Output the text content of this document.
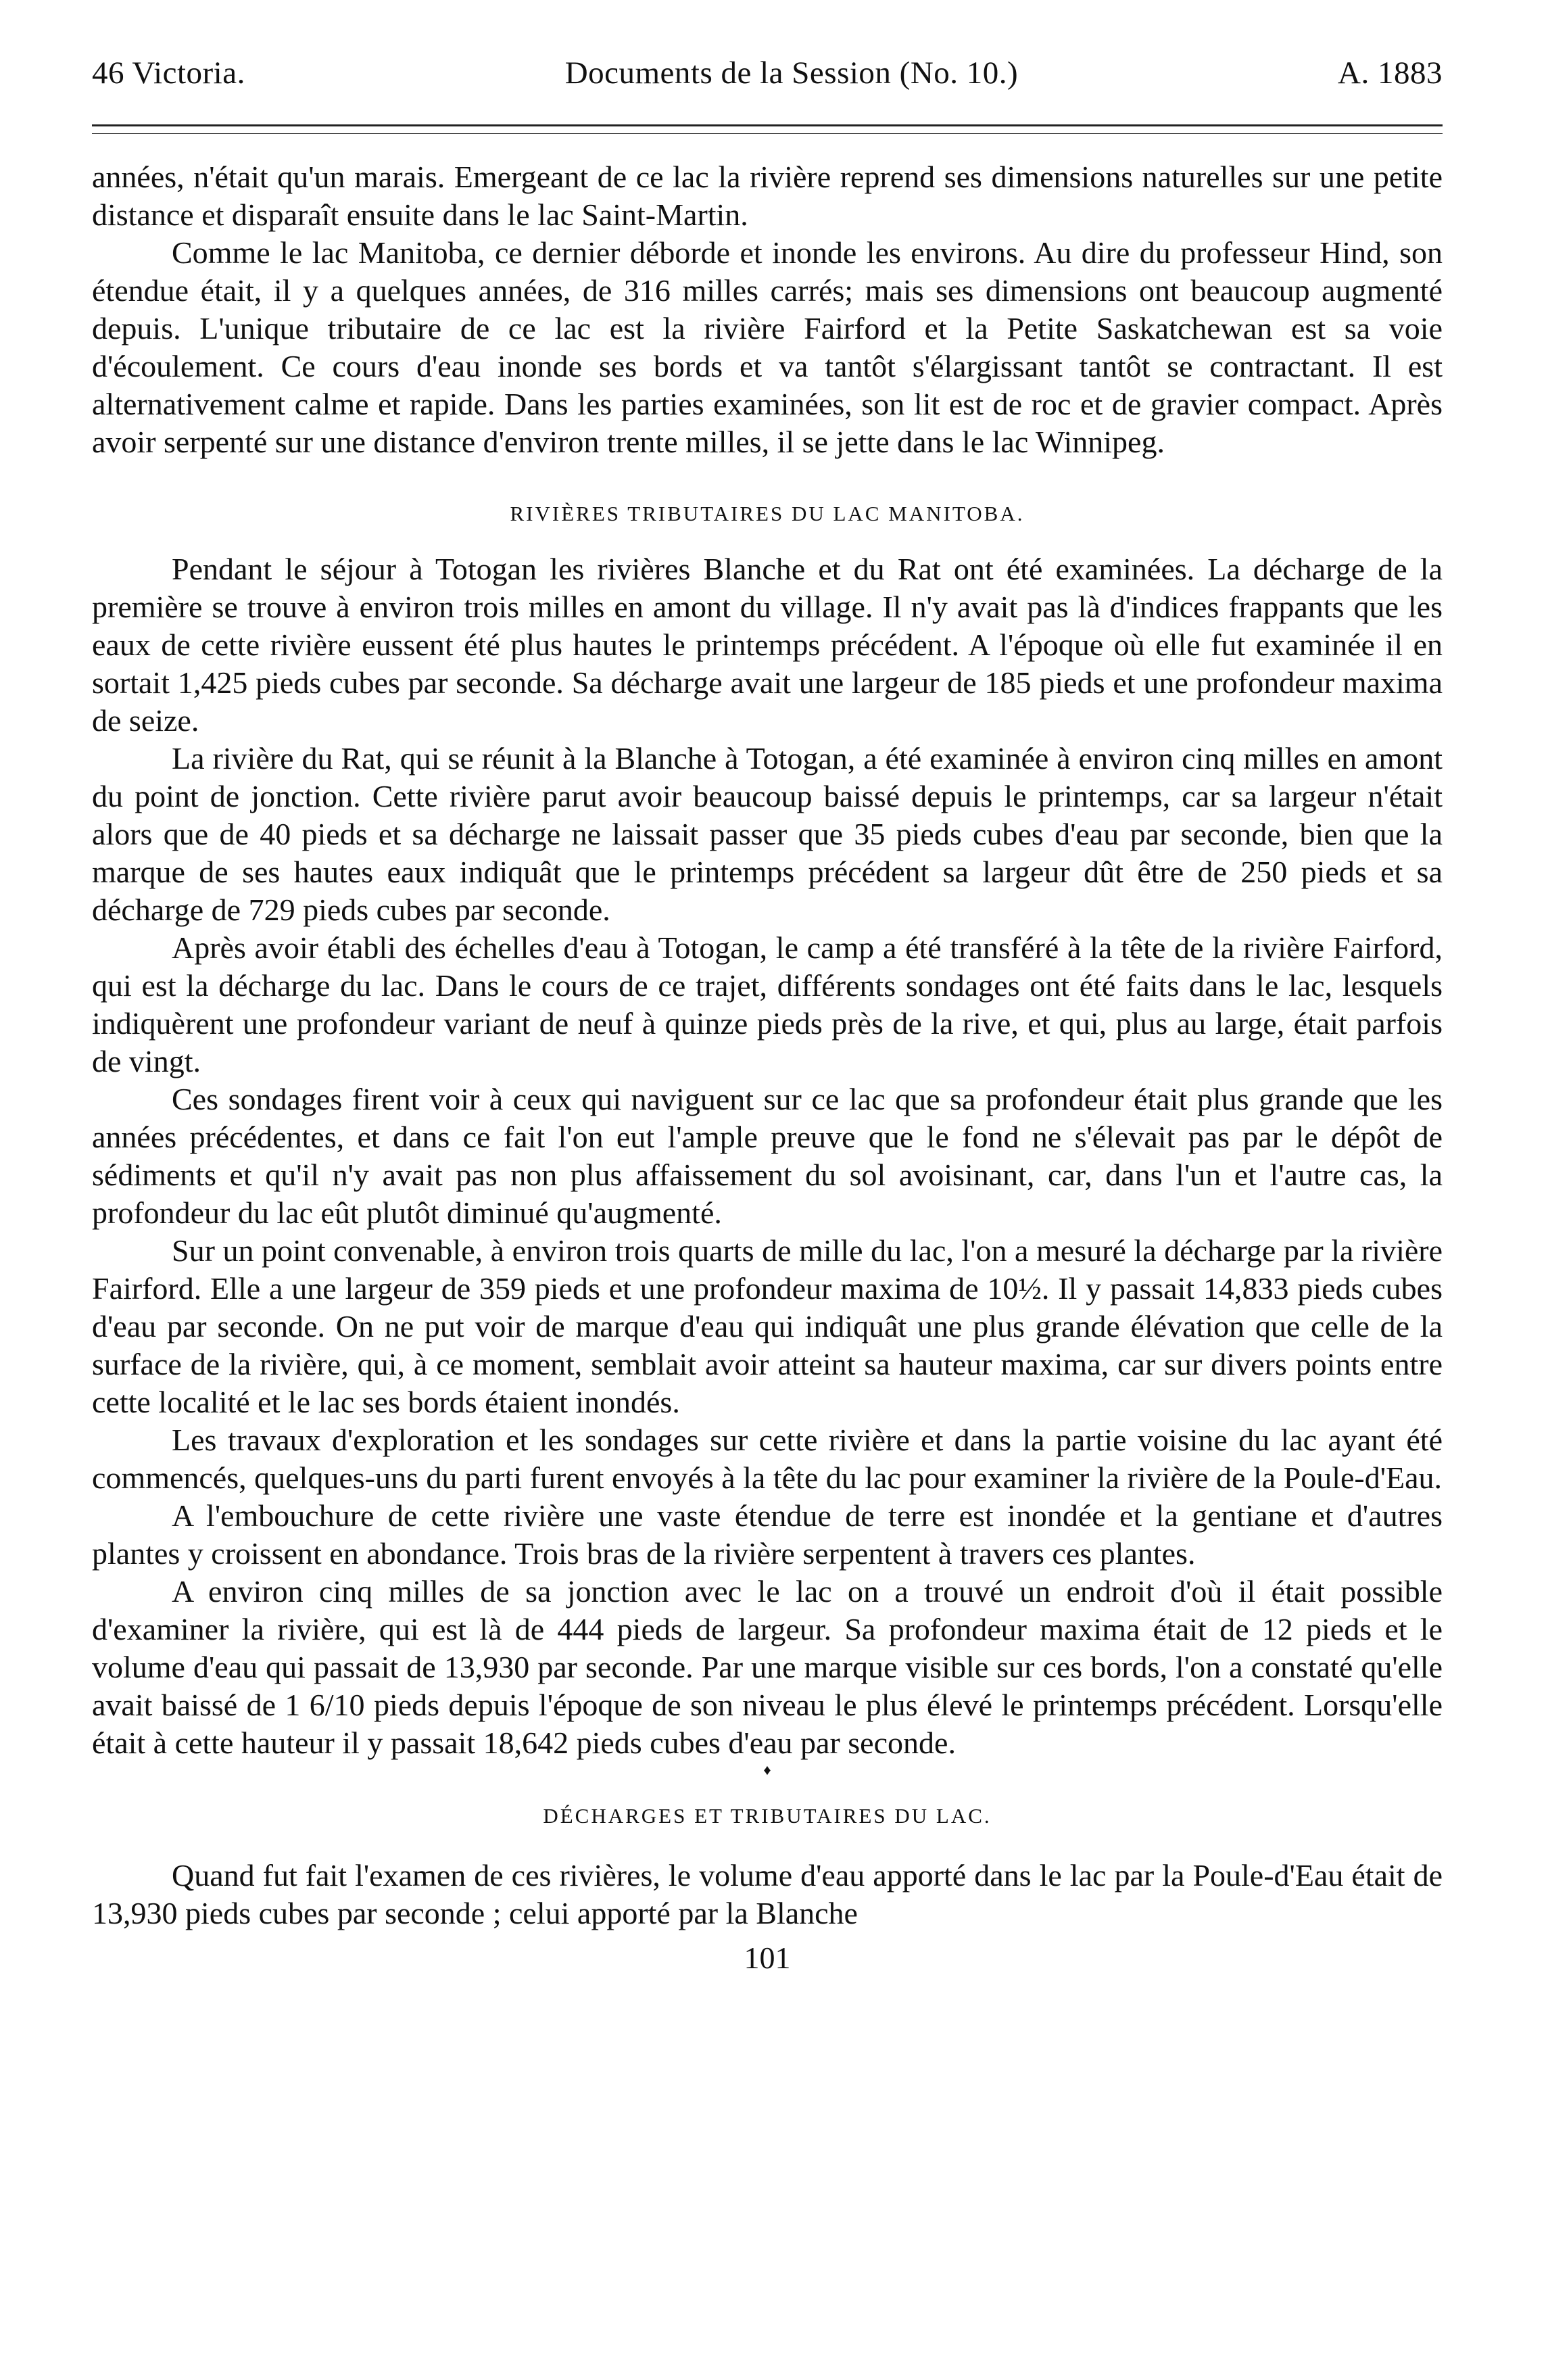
46 Victoria.	Documents de la Session (No. 10.)	A. 1883

années, n'était qu'un marais. Emergeant de ce lac la rivière reprend ses dimensions naturelles sur une petite distance et disparaît ensuite dans le lac Saint-Martin.

Comme le lac Manitoba, ce dernier déborde et inonde les environs. Au dire du professeur Hind, son étendue était, il y a quelques années, de 316 milles carrés; mais ses dimensions ont beaucoup augmenté depuis. L'unique tributaire de ce lac est la rivière Fairford et la Petite Saskatchewan est sa voie d'écoulement. Ce cours d'eau inonde ses bords et va tantôt s'élargissant tantôt se contractant. Il est alternativement calme et rapide. Dans les parties examinées, son lit est de roc et de gravier compact. Après avoir serpenté sur une distance d'environ trente milles, il se jette dans le lac Winnipeg.

RIVIÈRES TRIBUTAIRES DU LAC MANITOBA.

Pendant le séjour à Totogan les rivières Blanche et du Rat ont été examinées. La décharge de la première se trouve à environ trois milles en amont du village. Il n'y avait pas là d'indices frappants que les eaux de cette rivière eussent été plus hautes le printemps précédent. A l'époque où elle fut examinée il en sortait 1,425 pieds cubes par seconde. Sa décharge avait une largeur de 185 pieds et une profondeur maxima de seize.

La rivière du Rat, qui se réunit à la Blanche à Totogan, a été examinée à environ cinq milles en amont du point de jonction. Cette rivière parut avoir beaucoup baissé depuis le printemps, car sa largeur n'était alors que de 40 pieds et sa décharge ne laissait passer que 35 pieds cubes d'eau par seconde, bien que la marque de ses hautes eaux indiquât que le printemps précédent sa largeur dût être de 250 pieds et sa décharge de 729 pieds cubes par seconde.

Après avoir établi des échelles d'eau à Totogan, le camp a été transféré à la tête de la rivière Fairford, qui est la décharge du lac. Dans le cours de ce trajet, différents sondages ont été faits dans le lac, lesquels indiquèrent une profondeur variant de neuf à quinze pieds près de la rive, et qui, plus au large, était parfois de vingt.

Ces sondages firent voir à ceux qui naviguent sur ce lac que sa profondeur était plus grande que les années précédentes, et dans ce fait l'on eut l'ample preuve que le fond ne s'élevait pas par le dépôt de sédiments et qu'il n'y avait pas non plus affaissement du sol avoisinant, car, dans l'un et l'autre cas, la profondeur du lac eût plutôt diminué qu'augmenté.

Sur un point convenable, à environ trois quarts de mille du lac, l'on a mesuré la décharge par la rivière Fairford. Elle a une largeur de 359 pieds et une profondeur maxima de 10½. Il y passait 14,833 pieds cubes d'eau par seconde. On ne put voir de marque d'eau qui indiquât une plus grande élévation que celle de la surface de la rivière, qui, à ce moment, semblait avoir atteint sa hauteur maxima, car sur divers points entre cette localité et le lac ses bords étaient inondés.

Les travaux d'exploration et les sondages sur cette rivière et dans la partie voisine du lac ayant été commencés, quelques-uns du parti furent envoyés à la tête du lac pour examiner la rivière de la Poule-d'Eau.

A l'embouchure de cette rivière une vaste étendue de terre est inondée et la gentiane et d'autres plantes y croissent en abondance. Trois bras de la rivière serpentent à travers ces plantes.

A environ cinq milles de sa jonction avec le lac on a trouvé un endroit d'où il était possible d'examiner la rivière, qui est là de 444 pieds de largeur. Sa profondeur maxima était de 12 pieds et le volume d'eau qui passait de 13,930 par seconde. Par une marque visible sur ces bords, l'on a constaté qu'elle avait baissé de 1 6/10 pieds depuis l'époque de son niveau le plus élevé le printemps précédent. Lorsqu'elle était à cette hauteur il y passait 18,642 pieds cubes d'eau par seconde.

♦
DÉCHARGES ET TRIBUTAIRES DU LAC.

Quand fut fait l'examen de ces rivières, le volume d'eau apporté dans le lac par la Poule-d'Eau était de 13,930 pieds cubes par seconde ; celui apporté par la Blanche

101
